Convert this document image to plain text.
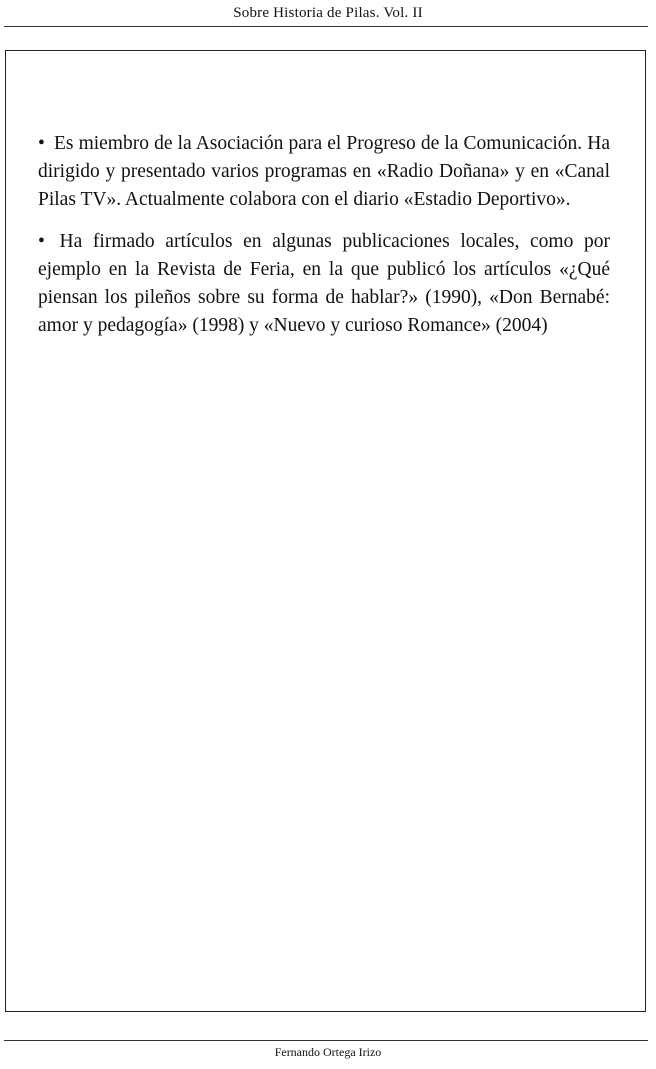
Sobre Historia de Pilas. Vol. II

• Es miembro de la Asociación para el Progreso de la Comunicación. Ha dirigido y presentado varios programas en «Radio Doñana» y en «Canal Pilas TV». Actualmente colabora con el diario «Estadio Deportivo».

• Ha firmado artículos en algunas publicaciones locales, como por ejemplo en la Revista de Feria, en la que publicó los artículos «¿Qué piensan los pileños sobre su forma de hablar?» (1990), «Don Bernabé: amor y pedagogía» (1998) y «Nuevo y curioso Romance» (2004)

Fernando Ortega Irizo
